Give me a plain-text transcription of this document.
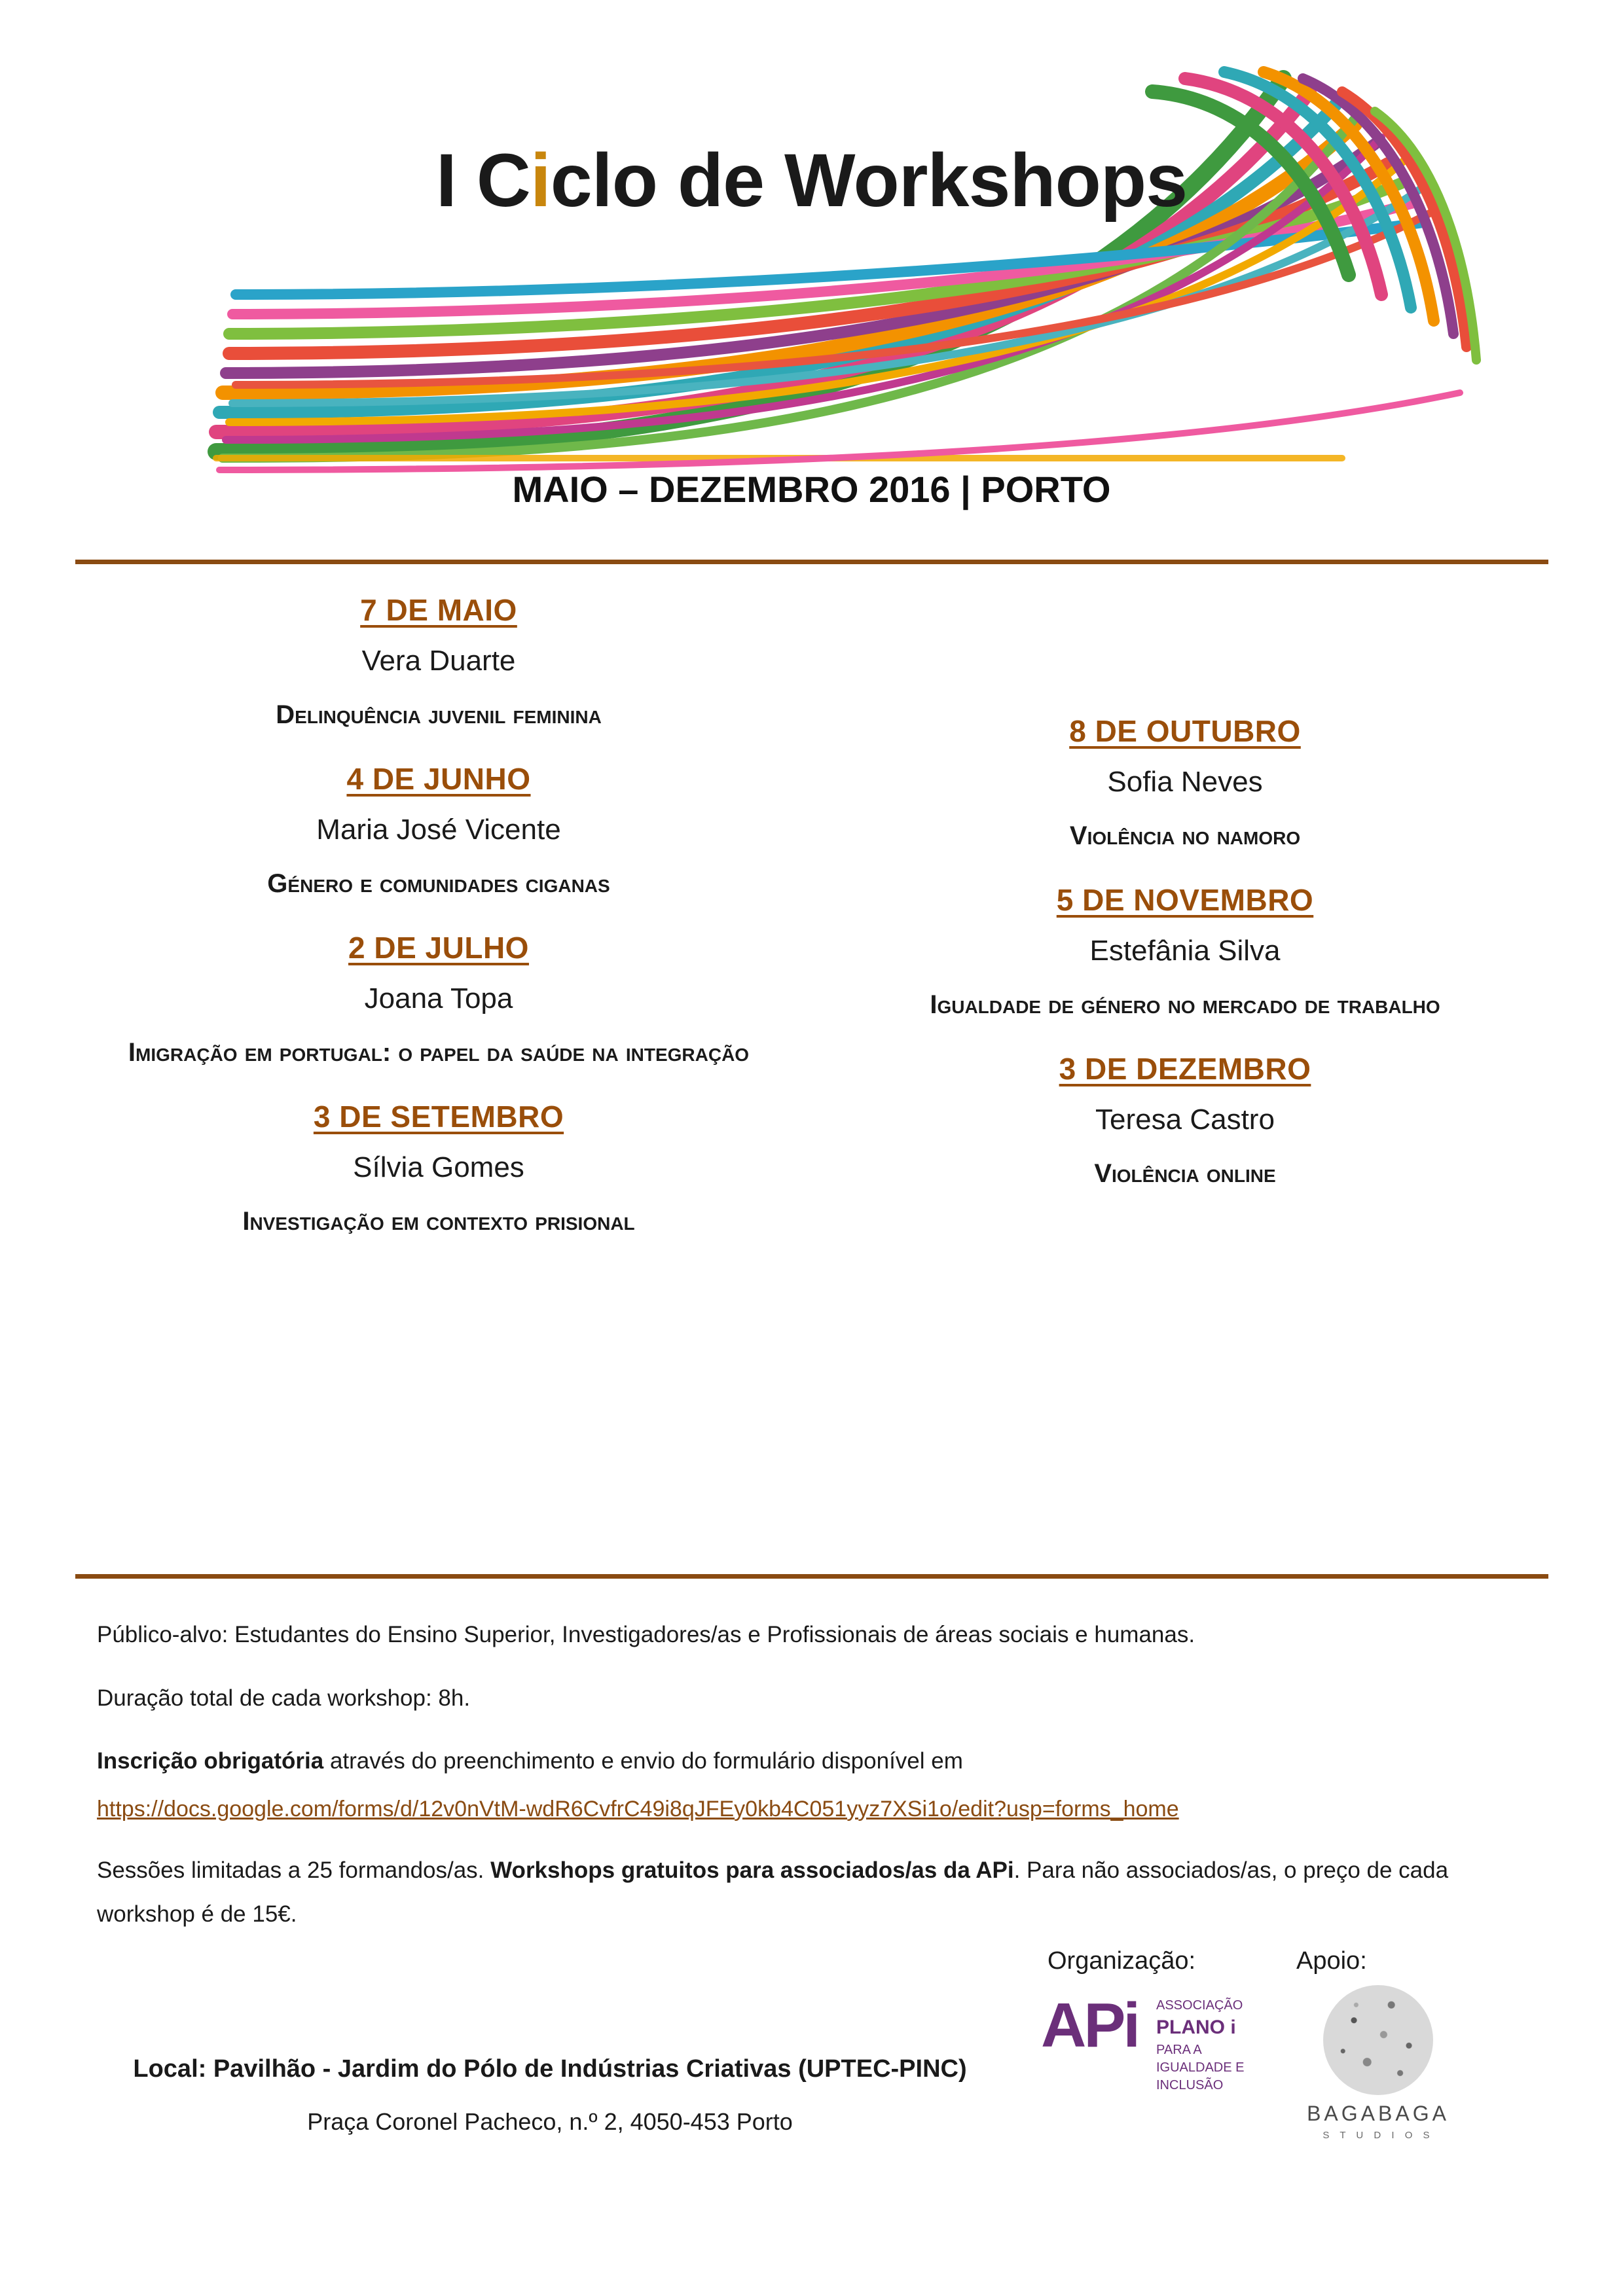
I Ciclo de Workshops
MAIO – DEZEMBRO 2016 | PORTO
7 DE MAIO
Vera Duarte
Delinquência juvenil feminina
4 DE JUNHO
Maria José Vicente
Género e comunidades ciganas
2 DE JULHO
Joana Topa
Imigração em portugal: o papel da saúde na integração
3 DE SETEMBRO
Sílvia Gomes
Investigação em contexto prisional
8 DE OUTUBRO
Sofia Neves
Violência no namoro
5 DE NOVEMBRO
Estefânia Silva
Igualdade de género no mercado de trabalho
3 DE DEZEMBRO
Teresa Castro
Violência online

Público-alvo: Estudantes do Ensino Superior, Investigadores/as e Profissionais de áreas sociais e humanas.

Duração total de cada workshop: 8h.

Inscrição obrigatória através do preenchimento e envio do formulário disponível em

https://docs.google.com/forms/d/12v0nVtM-wdR6CvfrC49i8qJFEy0kb4C051yyz7XSi1o/edit?usp=forms_home

Sessões limitadas a 25 formandos/as. Workshops gratuitos para associados/as da APi. Para não associados/as, o preço de cada workshop é de 15€.

Organização:	Apoio:
APi ASSOCIAÇÃO
PLANO i
PARA A
IGUALDADE E
INCLUSÃO
BAGABAGA
S T U D I O S
Local: Pavilhão - Jardim do Pólo de Indústrias Criativas (UPTEC-PINC)
Praça Coronel Pacheco, n.º 2, 4050-453 Porto
